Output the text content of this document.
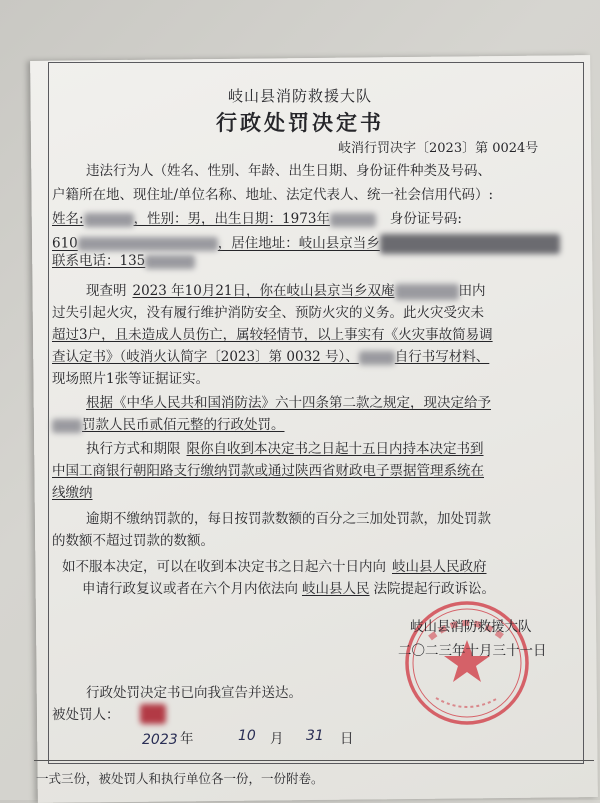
岐山县消防救援大队
行政处罚决定书
岐消行罚决字〔2023〕第 0024号
违法行为人（姓名、性别、年龄、出生日期、身份证件种类及号码、
户籍所在地、现住址/单位名称、地址、法定代表人、统一社会信用代码）:
姓名:	，性别：男，出生日期：1973年	身份证号码:
610	，居住地址：岐山县京当乡
联系电话：135
现查明 2023 年10月21日，你在岐山县京当乡双庵	田内
过失引起火灾，没有履行维护消防安全、预防火灾的义务。此火灾受灾未
超过3户，且未造成人员伤亡，属较轻情节，以上事实有《火灾事故简易调
查认定书》（岐消火认简字〔2023〕第 0032 号）、	自行书写材料、
现场照片1张等证据证实。
根据《中华人民共和国消防法》六十四条第二款之规定，现决定给予
罚款人民币贰佰元整的行政处罚。
执行方式和期限 限你自收到本决定书之日起十五日内持本决定书到
中国工商银行朝阳路支行缴纳罚款或通过陕西省财政电子票据管理系统在
线缴纳
逾期不缴纳罚款的，每日按罚款数额的百分之三加处罚款，加处罚款
的数额不超过罚款的数额。
如不服本决定，可以在收到本决定书之日起六十日内向 岐山县人民政府
申请行政复议或者在六个月内依法向 岐山县人民 法院提起行政诉讼。
岐山县消防救援大队
二〇二三年十月三十一日
行政处罚决定书已向我宣告并送达。
被处罚人：
2023 年	10 月 31 日
一式三份，被处罚人和执行单位各一份，一份附卷。
